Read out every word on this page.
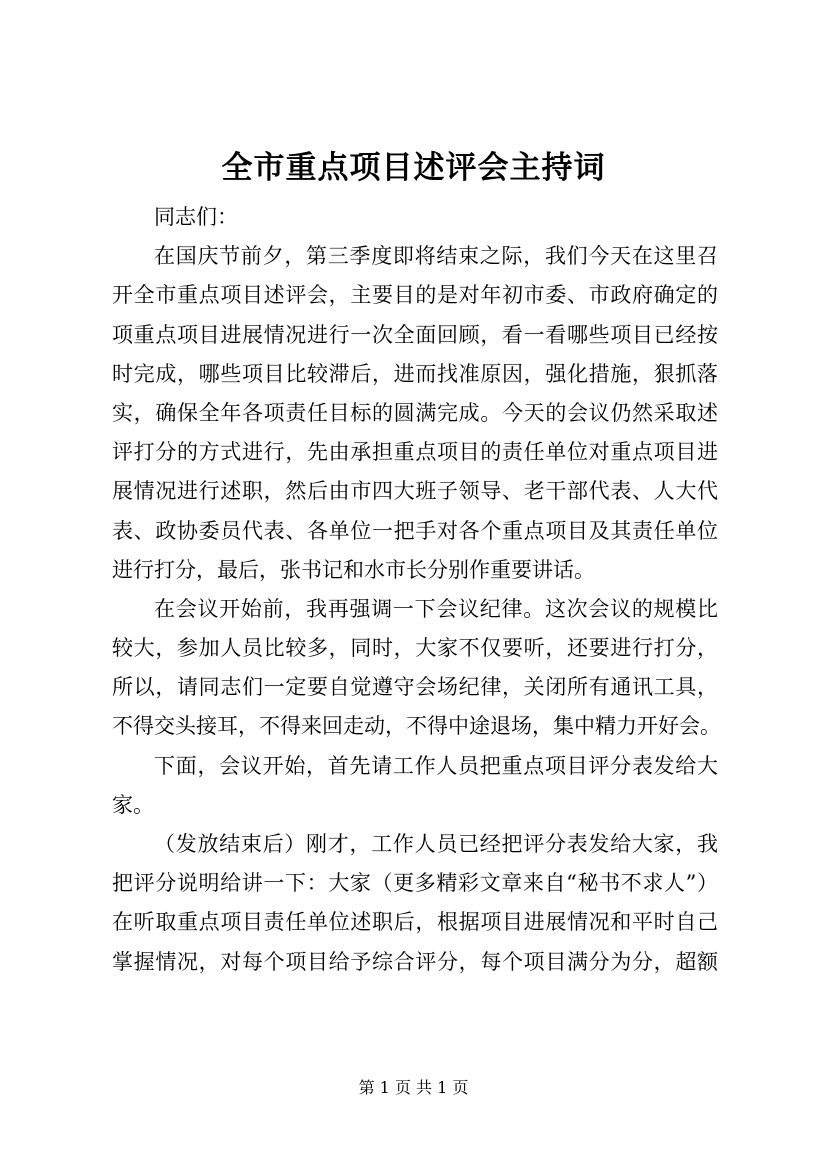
全市重点项目述评会主持词
同志们：
在国庆节前夕，第三季度即将结束之际，我们今天在这里召
开全市重点项目述评会，主要目的是对年初市委、市政府确定的
项重点项目进展情况进行一次全面回顾，看一看哪些项目已经按
时完成，哪些项目比较滞后，进而找准原因，强化措施，狠抓落
实，确保全年各项责任目标的圆满完成。今天的会议仍然采取述
评打分的方式进行，先由承担重点项目的责任单位对重点项目进
展情况进行述职，然后由市四大班子领导、老干部代表、人大代
表、政协委员代表、各单位一把手对各个重点项目及其责任单位
进行打分，最后，张书记和水市长分别作重要讲话。
在会议开始前，我再强调一下会议纪律。这次会议的规模比
较大，参加人员比较多，同时，大家不仅要听，还要进行打分，
所以，请同志们一定要自觉遵守会场纪律，关闭所有通讯工具，
不得交头接耳，不得来回走动，不得中途退场，集中精力开好会。
下面，会议开始，首先请工作人员把重点项目评分表发给大
家。
（发放结束后）刚才，工作人员已经把评分表发给大家，我
把评分说明给讲一下：大家（更多精彩文章来自“秘书不求人”）
在听取重点项目责任单位述职后，根据项目进展情况和平时自己
掌握情况，对每个项目给予综合评分，每个项目满分为分，超额
第 1 页 共 1 页
